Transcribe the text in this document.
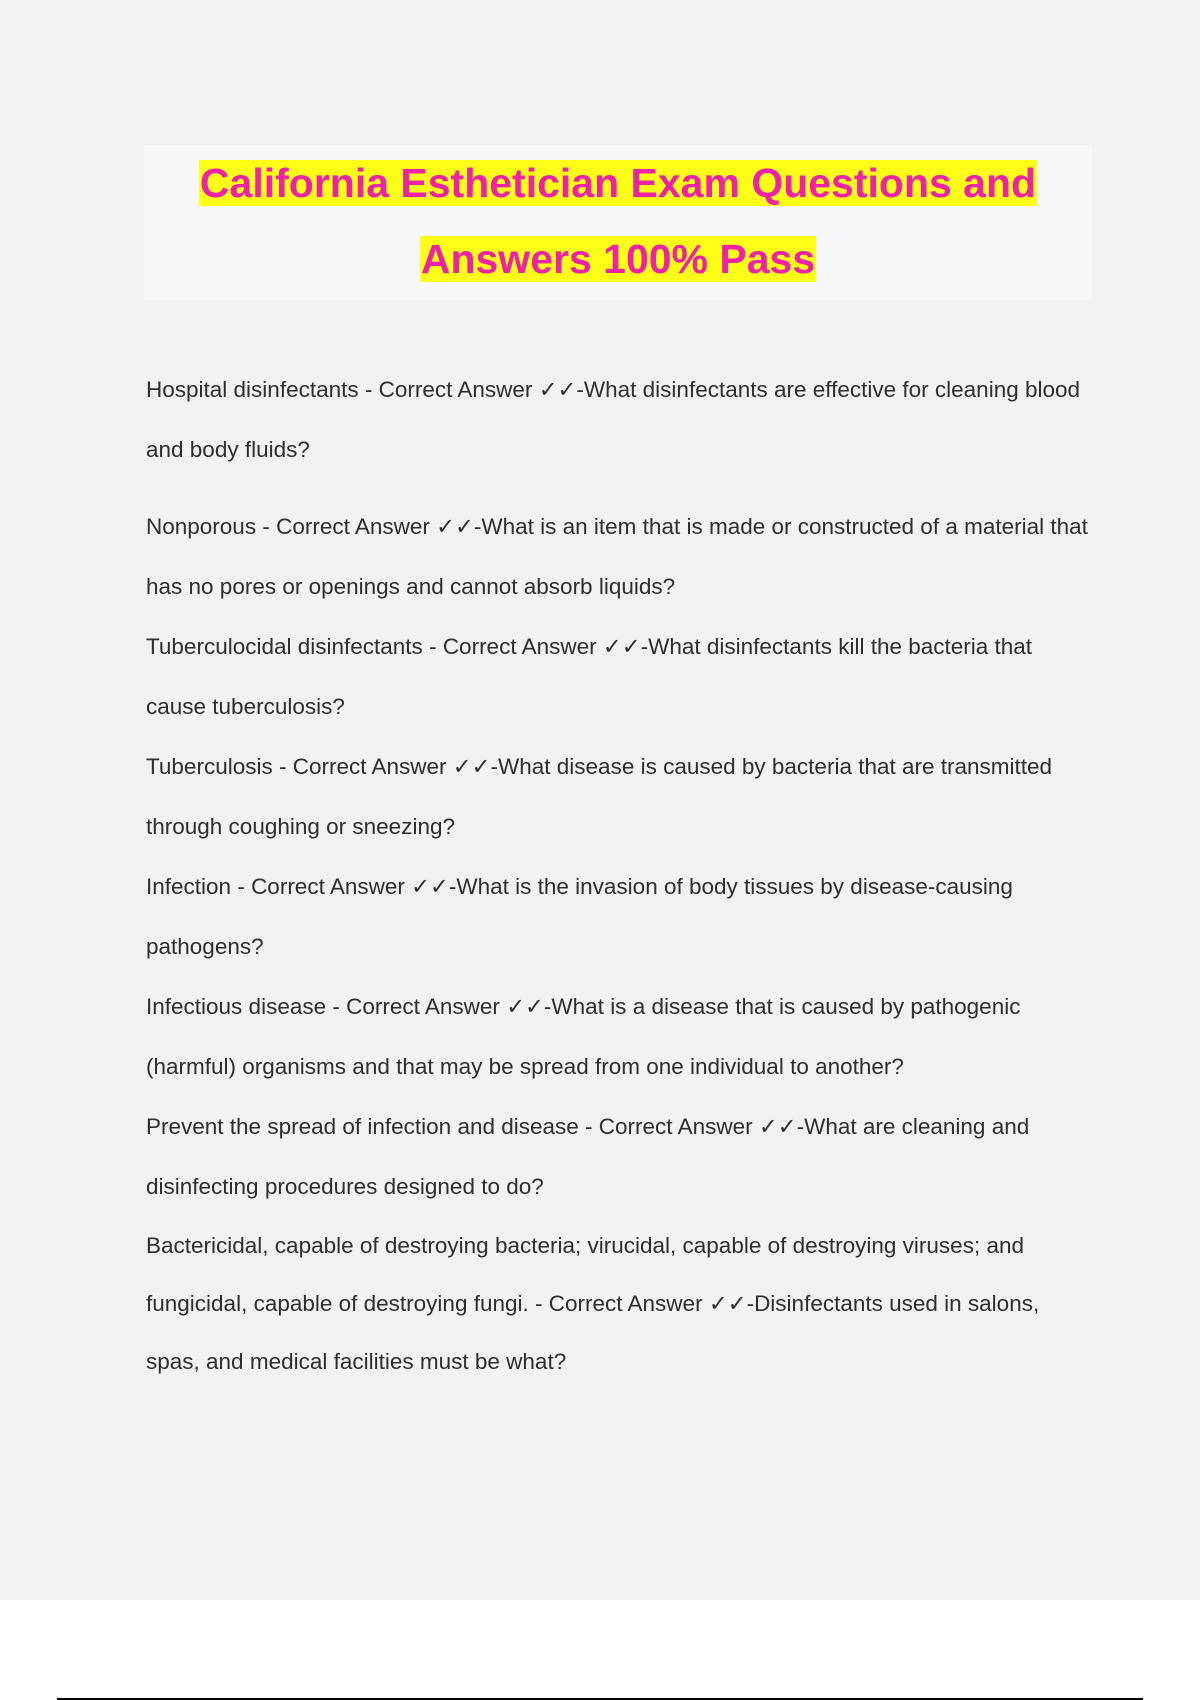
California Esthetician Exam Questions and
Answers 100% Pass
Hospital disinfectants - Correct Answer ✓✓-What disinfectants are effective for cleaning blood and body fluids?
Nonporous - Correct Answer ✓✓-What is an item that is made or constructed of a material that has no pores or openings and cannot absorb liquids?
Tuberculocidal disinfectants - Correct Answer ✓✓-What disinfectants kill the bacteria that cause tuberculosis?
Tuberculosis - Correct Answer ✓✓-What disease is caused by bacteria that are transmitted through coughing or sneezing?
Infection - Correct Answer ✓✓-What is the invasion of body tissues by disease-causing pathogens?
Infectious disease - Correct Answer ✓✓-What is a disease that is caused by pathogenic (harmful) organisms and that may be spread from one individual to another?
Prevent the spread of infection and disease - Correct Answer ✓✓-What are cleaning and disinfecting procedures designed to do?
Bactericidal, capable of destroying bacteria; virucidal, capable of destroying viruses; and fungicidal, capable of destroying fungi. - Correct Answer ✓✓-Disinfectants used in salons, spas, and medical facilities must be what?
